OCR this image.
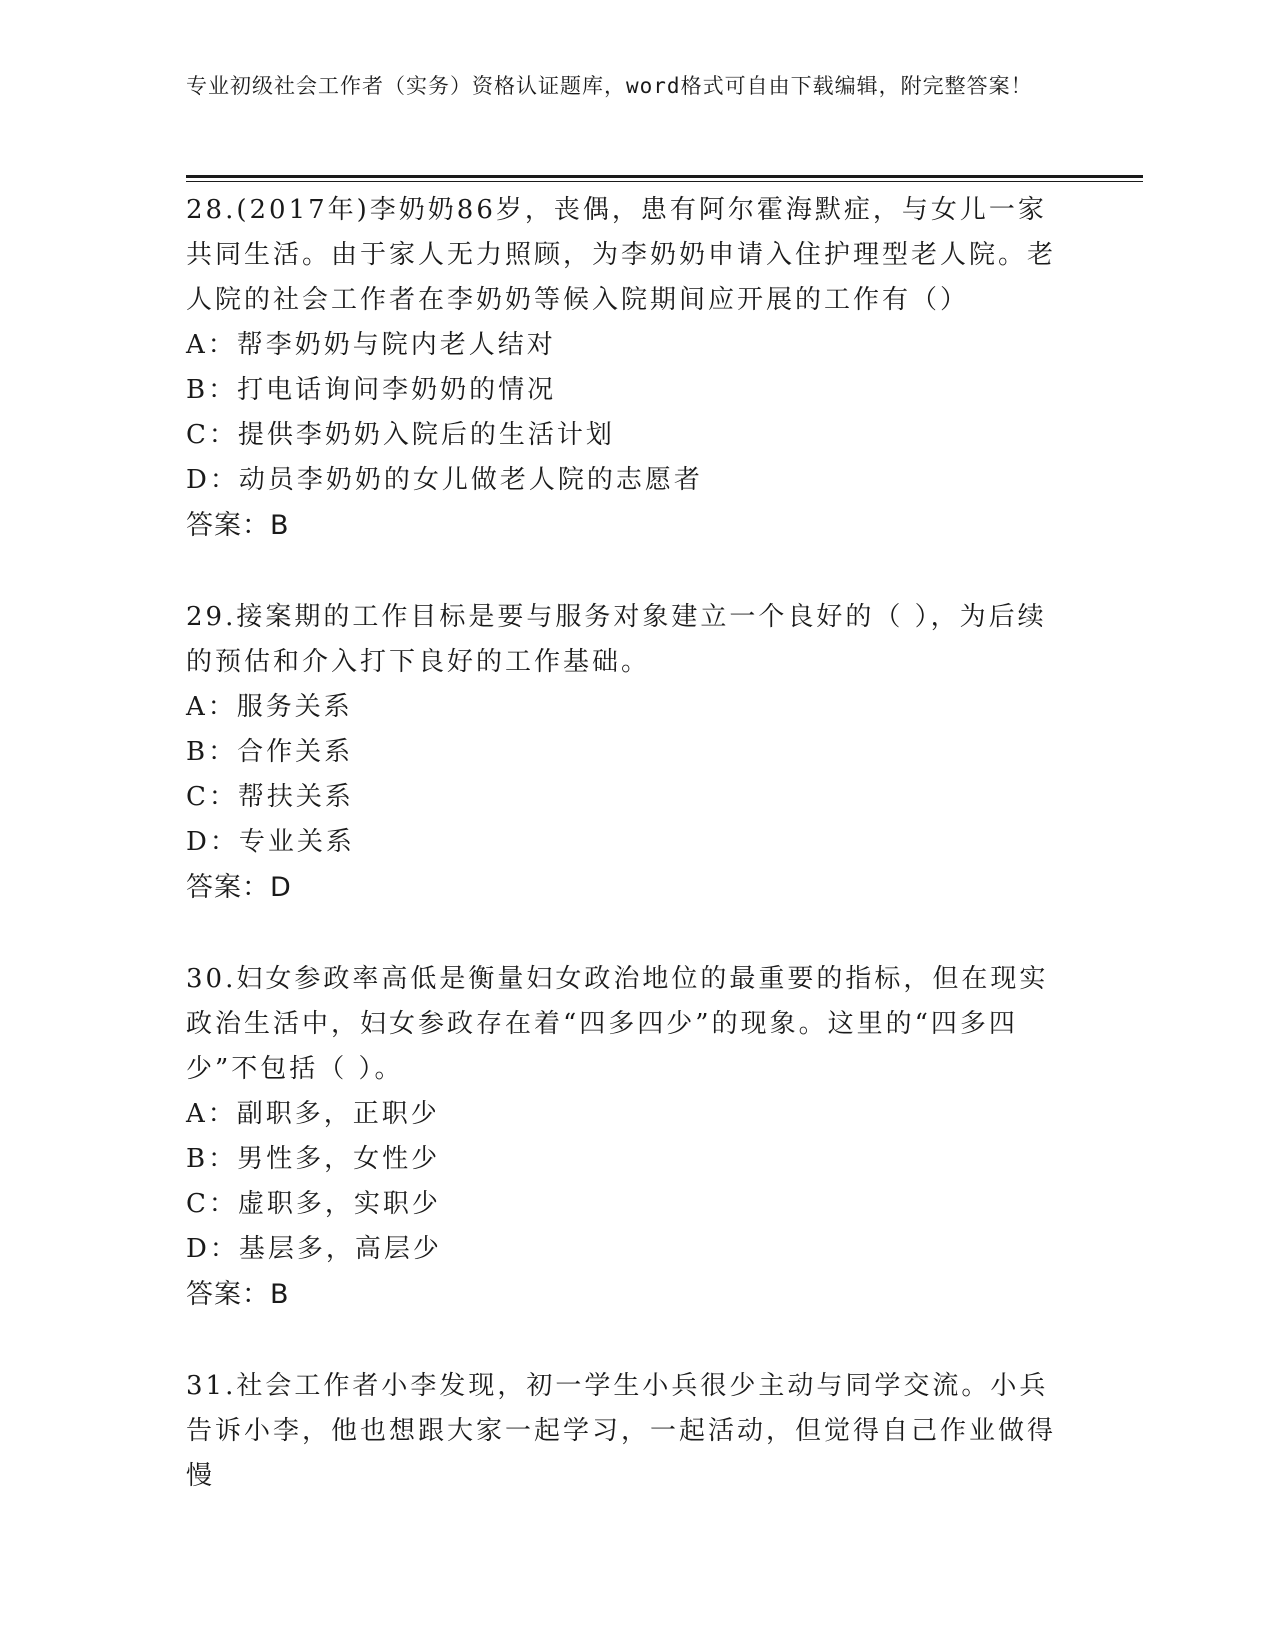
专业初级社会工作者（实务）资格认证题库，word格式可自由下载编辑，附完整答案！

28.(2017年)李奶奶86岁，丧偶，患有阿尔霍海默症，与女儿一家共同生活。由于家人无力照顾，为李奶奶申请入住护理型老人院。老人院的社会工作者在李奶奶等候入院期间应开展的工作有（）

A：帮李奶奶与院内老人结对

B：打电话询问李奶奶的情况

C：提供李奶奶入院后的生活计划

D：动员李奶奶的女儿做老人院的志愿者

答案：B

29.接案期的工作目标是要与服务对象建立一个良好的（ ），为后续的预估和介入打下良好的工作基础。

A：服务关系

B：合作关系

C：帮扶关系

D：专业关系

答案：D

30.妇女参政率高低是衡量妇女政治地位的最重要的指标，但在现实政治生活中，妇女参政存在着“四多四少”的现象。这里的“四多四少”不包括（ ）。

A：副职多，正职少

B：男性多，女性少

C：虚职多，实职少

D：基层多，高层少

答案：B

31.社会工作者小李发现，初一学生小兵很少主动与同学交流。小兵告诉小李，他也想跟大家一起学习，一起活动，但觉得自己作业做得慢
